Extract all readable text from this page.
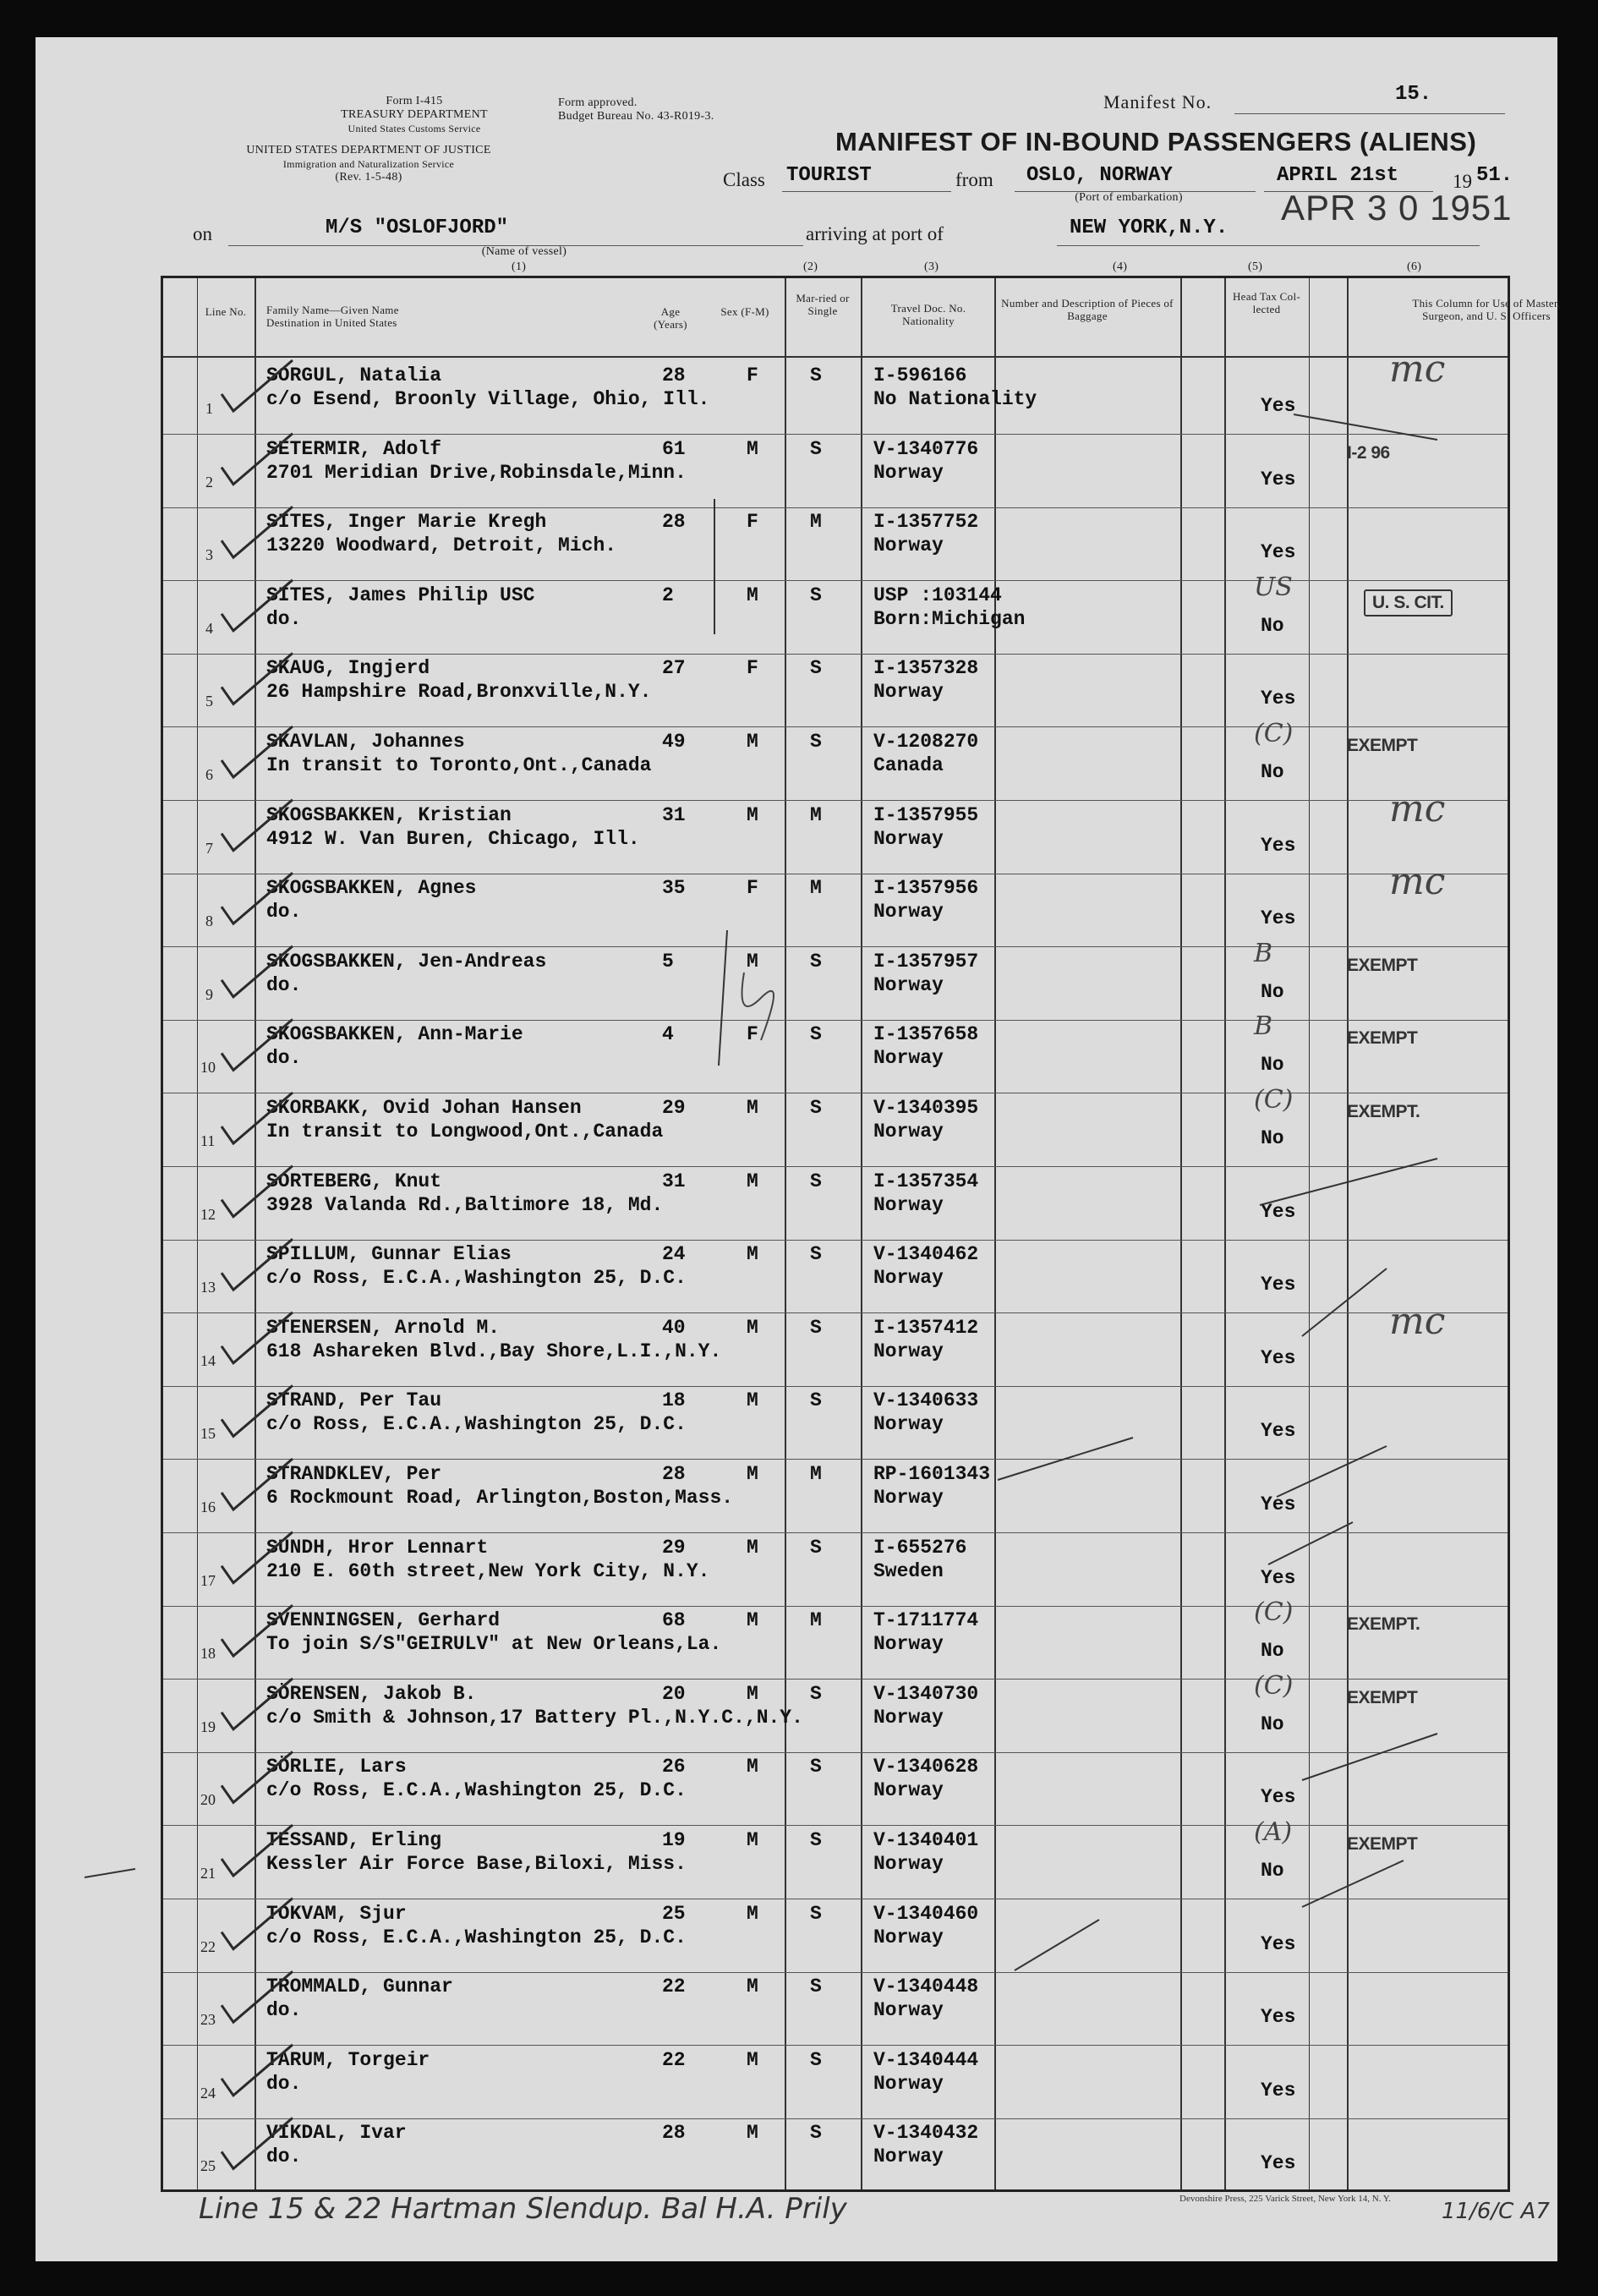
Form I-415
TREASURY DEPARTMENT
United States Customs Service
UNITED STATES DEPARTMENT OF JUSTICE
Immigration and Naturalization Service
(Rev. 1-5-48)
Form approved.
Budget Bureau No. 43-R019-3.
Manifest No.	15.
MANIFEST OF IN-BOUND PASSENGERS (ALIENS)
Class TOURIST	from OSLO, NORWAY
(Port of embarkation)
APRIL 21st	19 51.
on	M/S "OSLOFJORD"
(Name of vessel)
arriving at port of	NEW YORK,N.Y.
APR 3 0 1951
(1)	(2)	(3)	(4)	(5)	(6)
Line No.	Family Name—Given Name
Destination in United States
Age (Years)
Sex (F-M)
Mar-ried or Single	Travel Doc. No. Nationality
Number and Description of Pieces of Baggage
Head Tax Col-lected	This Column for Use of Master, Surgeon, and U. S. Officers
1
SORGUL, Natalia
c/o Esend, Broonly Village, Ohio, Ill.
28	F	S	I-596166
No Nationality	Yes
mc
2
SETERMIR, Adolf
2701 Meridian Drive,Robinsdale,Minn.
61	M	S	V-1340776
Norway	Yes
I-2 96
3
SITES, Inger Marie Kregh
13220 Woodward, Detroit, Mich.
28	F	M	I-1357752
Norway	Yes
4
SITES, James Philip USC
do.
2	M	S	USP :103144
Born:Michigan	No
US
U. S. CIT.
5
SKAUG, Ingjerd
26 Hampshire Road,Bronxville,N.Y.
27	F	S	I-1357328
Norway	Yes
6
SKAVLAN, Johannes
In transit to Toronto,Ont.,Canada
49	M	S	V-1208270
Canada	No
(C)	EXEMPT
7
SKOGSBAKKEN, Kristian
4912 W. Van Buren, Chicago, Ill.
31	M	M	I-1357955
Norway	Yes
mc
8
SKOGSBAKKEN, Agnes
do.
35	F	M	I-1357956
Norway	Yes
mc
9
SKOGSBAKKEN, Jen-Andreas
do.
5	M	S	I-1357957
Norway	No
B	EXEMPT
10
SKOGSBAKKEN, Ann-Marie
do.
4	F	S	I-1357658
Norway	No
B	EXEMPT
11
SKORBAKK, Ovid Johan Hansen
In transit to Longwood,Ont.,Canada
29	M	S	V-1340395
Norway	No
(C)	EXEMPT.
12
SORTEBERG, Knut
3928 Valanda Rd.,Baltimore 18, Md.
31	M	S	I-1357354
Norway	Yes
13
SPILLUM, Gunnar Elias
c/o Ross, E.C.A.,Washington 25, D.C.
24	M	S	V-1340462
Norway	Yes
14
STENERSEN, Arnold M.
618 Ashareken Blvd.,Bay Shore,L.I.,N.Y.
40	M	S	I-1357412
Norway	Yes
mc
15
STRAND, Per Tau
c/o Ross, E.C.A.,Washington 25, D.C.
18	M	S	V-1340633
Norway	Yes
16
STRANDKLEV, Per
6 Rockmount Road, Arlington,Boston,Mass.
28	M	M	RP-1601343
Norway	Yes
17
SUNDH, Hror Lennart
210 E. 60th street,New York City, N.Y.
29	M	S	I-655276
Sweden	Yes
18
SVENNINGSEN, Gerhard
To join S/S"GEIRULV" at New Orleans,La.
68	M	M	T-1711774
Norway	No
(C)	EXEMPT.
19
SÖRENSEN, Jakob B.
c/o Smith & Johnson,17 Battery Pl.,N.Y.C.,N.Y.
20	M	S	V-1340730
Norway	No
(C)	EXEMPT
20
SÖRLIE, Lars
c/o Ross, E.C.A.,Washington 25, D.C.
26	M	S	V-1340628
Norway	Yes
21
TESSAND, Erling
Kessler Air Force Base,Biloxi, Miss.
19	M	S	V-1340401
Norway	No
(A)	EXEMPT
22
TOKVAM, Sjur
c/o Ross, E.C.A.,Washington 25, D.C.
25	M	S	V-1340460
Norway	Yes
23
TROMMALD, Gunnar
do.
22	M	S	V-1340448
Norway	Yes
24
TARUM, Torgeir
do.
22	M	S	V-1340444
Norway	Yes
25
VIKDAL, Ivar
do.
28	M	S	V-1340432
Norway	Yes
Line 15 & 22 Hartman Slendup. Bal H.A. Prily	Devonshire Press, 225 Varick Street, New York 14, N. Y. 11/6/C A7
